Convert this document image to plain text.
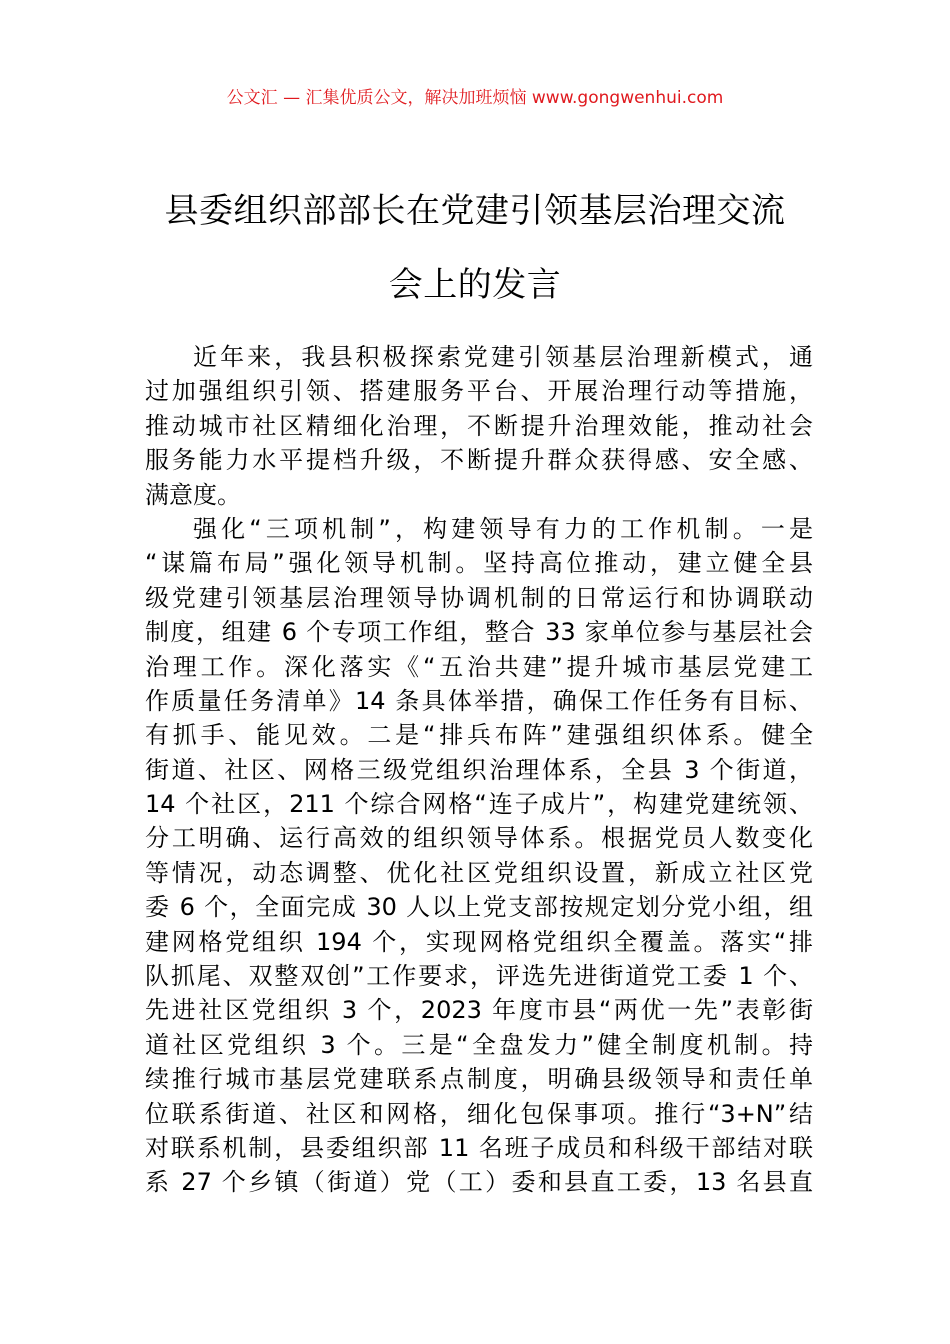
公文汇 — 汇集优质公文，解决加班烦恼 www.gongwenhui.com
县委组织部部长在党建引领基层治理交流
会上的发言
近年来，我县积极探索党建引领基层治理新模式，通
过加强组织引领、搭建服务平台、开展治理行动等措施，
推动城市社区精细化治理，不断提升治理效能，推动社会
服务能力水平提档升级，不断提升群众获得感、安全感、
满意度。
强化“三项机制”，构建领导有力的工作机制。一是
“谋篇布局”强化领导机制。坚持高位推动，建立健全县
级党建引领基层治理领导协调机制的日常运行和协调联动
制度，组建 6 个专项工作组，整合 33 家单位参与基层社会
治理工作。深化落实《“五治共建”提升城市基层党建工
作质量任务清单》14 条具体举措，确保工作任务有目标、
有抓手、能见效。二是“排兵布阵”建强组织体系。健全
街道、社区、网格三级党组织治理体系，全县 3 个街道，
14 个社区，211 个综合网格“连子成片”，构建党建统领、
分工明确、运行高效的组织领导体系。根据党员人数变化
等情况，动态调整、优化社区党组织设置，新成立社区党
委 6 个，全面完成 30 人以上党支部按规定划分党小组，组
建网格党组织 194 个，实现网格党组织全覆盖。落实“排
队抓尾、双整双创”工作要求，评选先进街道党工委 1 个、
先进社区党组织 3 个，2023 年度市县“两优一先”表彰街
道社区党组织 3 个。三是“全盘发力”健全制度机制。持
续推行城市基层党建联系点制度，明确县级领导和责任单
位联系街道、社区和网格，细化包保事项。推行“3+N”结
对联系机制，县委组织部 11 名班子成员和科级干部结对联
系 27 个乡镇（街道）党（工）委和县直工委，13 名县直
